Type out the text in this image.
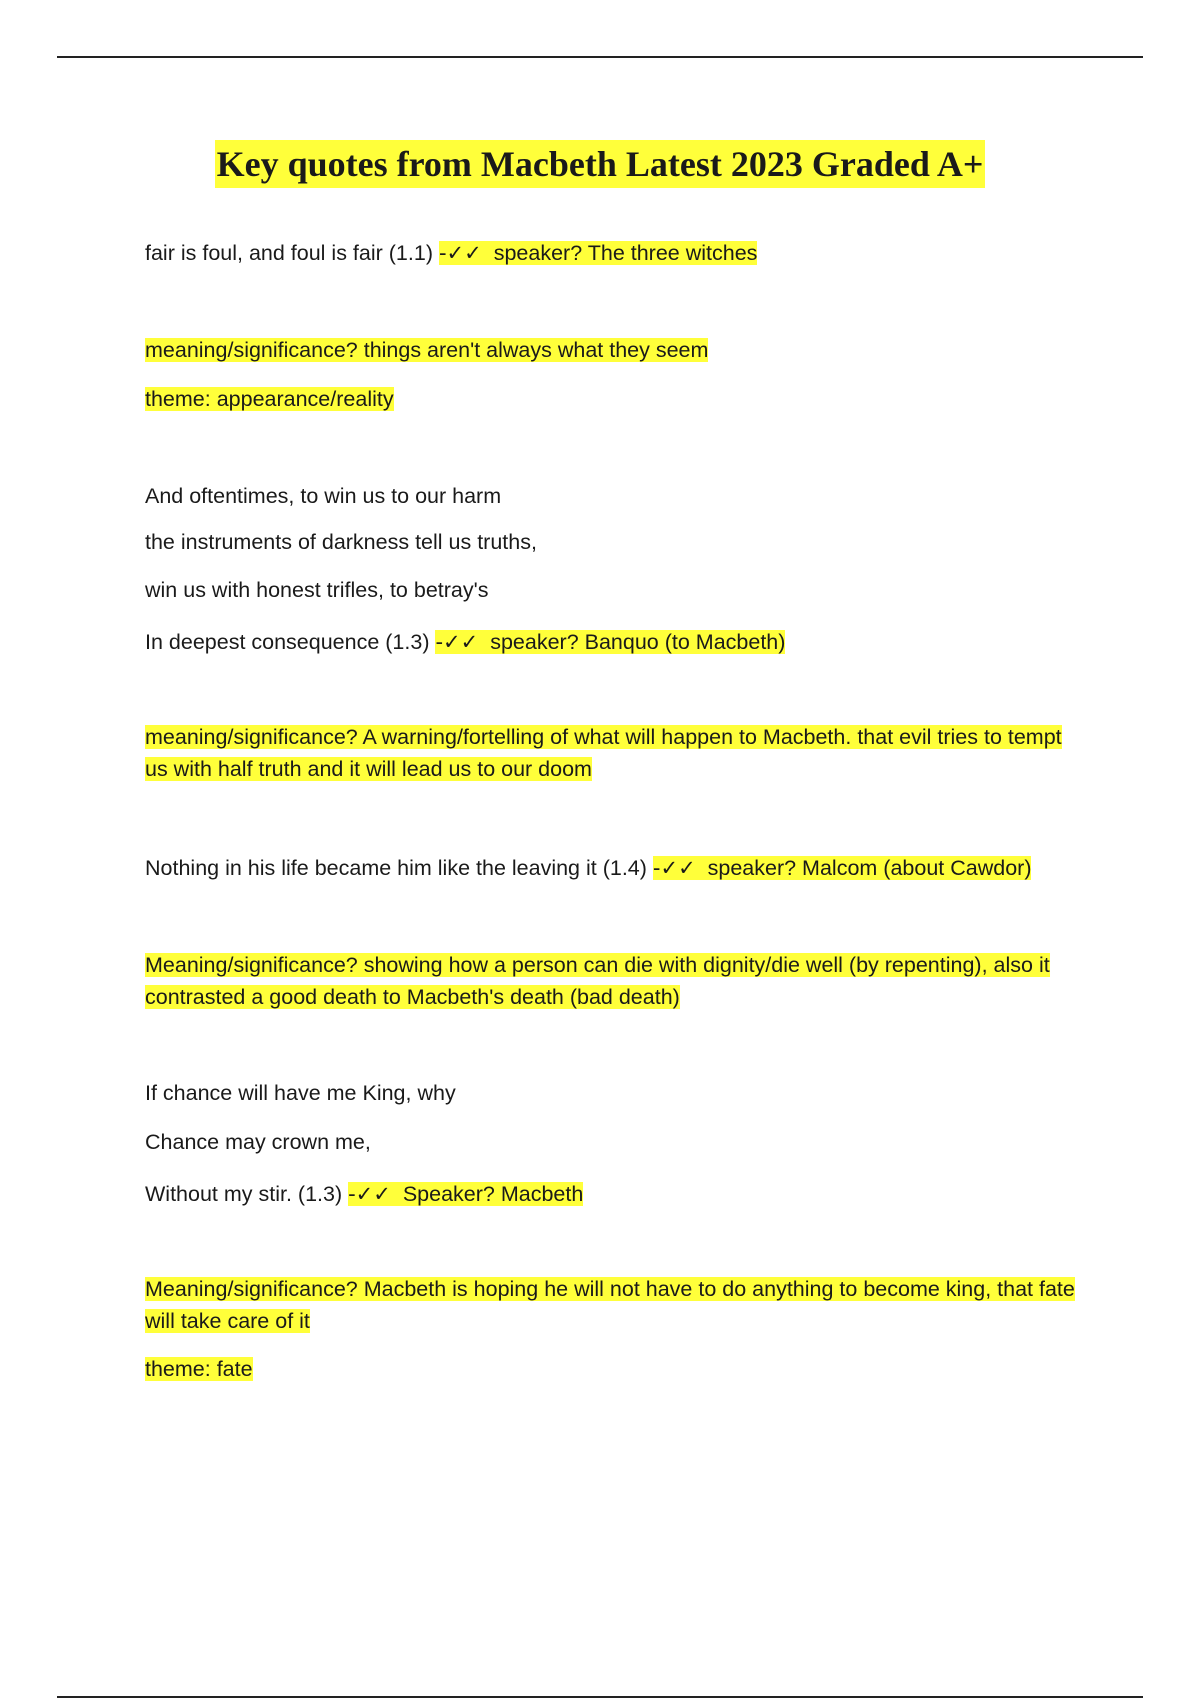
Key quotes from Macbeth Latest 2023 Graded A+
fair is foul, and foul is fair (1.1) -✓✓ speaker? The three witches
meaning/significance? things aren't always what they seem
theme: appearance/reality
And oftentimes, to win us to our harm
the instruments of darkness tell us truths,
win us with honest trifles, to betray's
In deepest consequence (1.3) -✓✓ speaker? Banquo (to Macbeth)
meaning/significance? A warning/fortelling of what will happen to Macbeth. that evil tries to tempt us with half truth and it will lead us to our doom
Nothing in his life became him like the leaving it (1.4) -✓✓ speaker? Malcom (about Cawdor)
Meaning/significance? showing how a person can die with dignity/die well (by repenting), also it contrasted a good death to Macbeth's death (bad death)
If chance will have me King, why
Chance may crown me,
Without my stir. (1.3) -✓✓ Speaker? Macbeth
Meaning/significance? Macbeth is hoping he will not have to do anything to become king, that fate will take care of it
theme: fate
